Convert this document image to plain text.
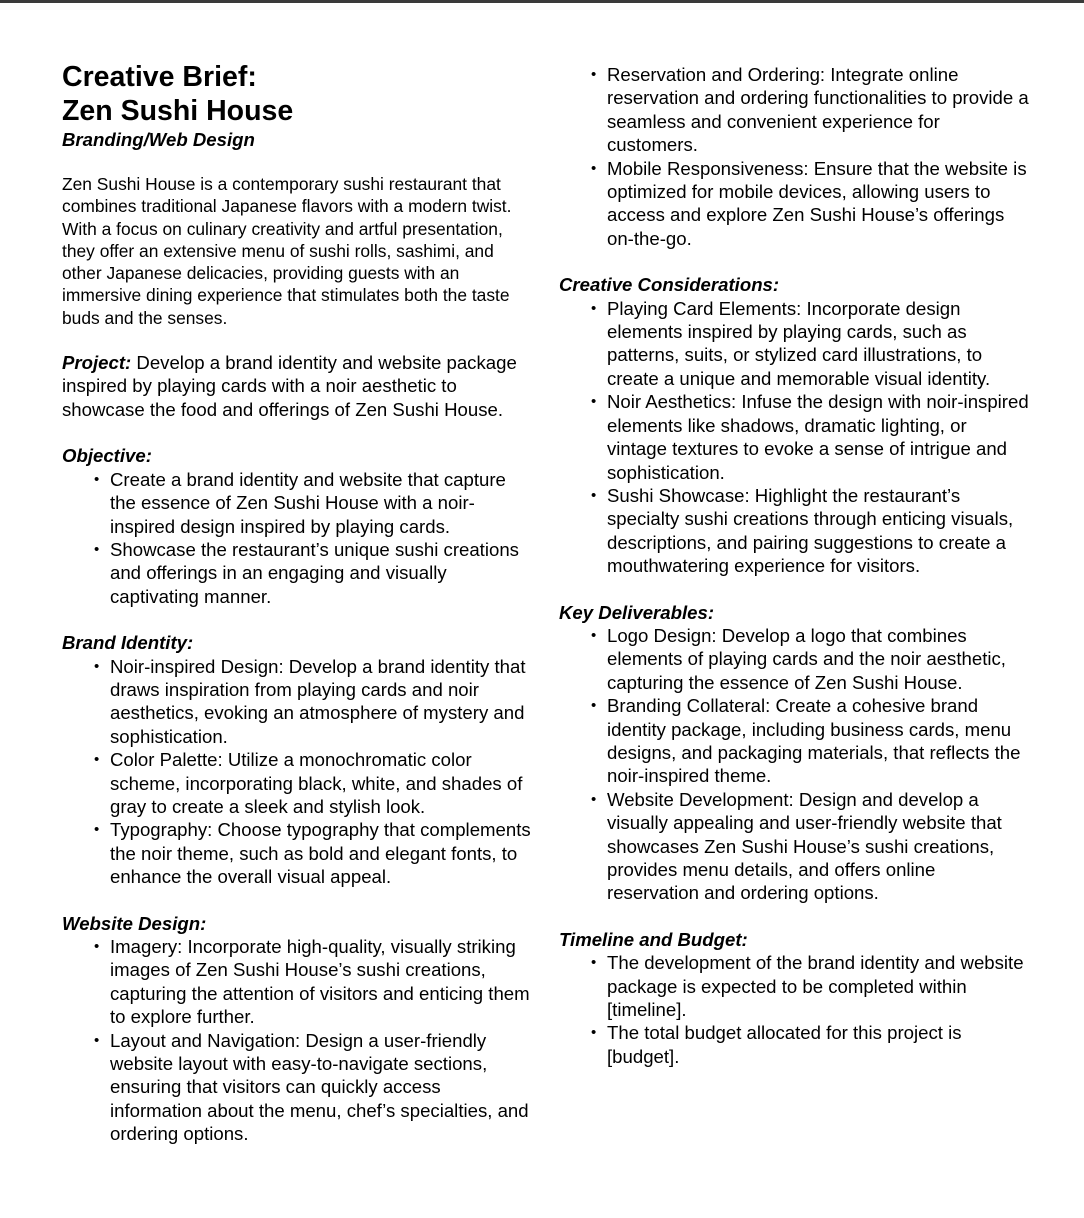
Creative Brief:
Zen Sushi House

Branding/Web Design

Zen Sushi House is a contemporary sushi restaurant that combines traditional Japanese flavors with a modern twist. With a focus on culinary creativity and artful presentation, they offer an extensive menu of sushi rolls, sashimi, and other Japanese delicacies, providing guests with an immersive dining experience that stimulates both the taste buds and the senses.

Project: Develop a brand identity and website package inspired by playing cards with a noir aesthetic to showcase the food and offerings of Zen Sushi House.

Objective:

• Create a brand identity and website that capture the essence of Zen Sushi House with a noir-inspired design inspired by playing cards.
• Showcase the restaurant’s unique sushi creations and offerings in an engaging and visually captivating manner.

Brand Identity:

• Noir-inspired Design: Develop a brand identity that draws inspiration from playing cards and noir aesthetics, evoking an atmosphere of mystery and sophistication.
• Color Palette: Utilize a monochromatic color scheme, incorporating black, white, and shades of gray to create a sleek and stylish look.
• Typography: Choose typography that complements the noir theme, such as bold and elegant fonts, to enhance the overall visual appeal.

Website Design:

• Imagery: Incorporate high-quality, visually striking images of Zen Sushi House’s sushi creations, capturing the attention of visitors and enticing them to explore further.
• Layout and Navigation: Design a user-friendly website layout with easy-to-navigate sections, ensuring that visitors can quickly access information about the menu, chef’s specialties, and ordering options.
• Reservation and Ordering: Integrate online reservation and ordering functionalities to provide a seamless and convenient experience for customers.
• Mobile Responsiveness: Ensure that the website is optimized for mobile devices, allowing users to access and explore Zen Sushi House’s offerings on-the-go.

Creative Considerations:

• Playing Card Elements: Incorporate design elements inspired by playing cards, such as patterns, suits, or stylized card illustrations, to create a unique and memorable visual identity.
• Noir Aesthetics: Infuse the design with noir-inspired elements like shadows, dramatic lighting, or vintage textures to evoke a sense of intrigue and sophistication.
• Sushi Showcase: Highlight the restaurant’s specialty sushi creations through enticing visuals, descriptions, and pairing suggestions to create a mouthwatering experience for visitors.

Key Deliverables:

• Logo Design: Develop a logo that combines elements of playing cards and the noir aesthetic, capturing the essence of Zen Sushi House.
• Branding Collateral: Create a cohesive brand identity package, including business cards, menu designs, and packaging materials, that reflects the noir-inspired theme.
• Website Development: Design and develop a visually appealing and user-friendly website that showcases Zen Sushi House’s sushi creations, provides menu details, and offers online reservation and ordering options.

Timeline and Budget:

• The development of the brand identity and website package is expected to be completed within [timeline].
• The total budget allocated for this project is [budget].
